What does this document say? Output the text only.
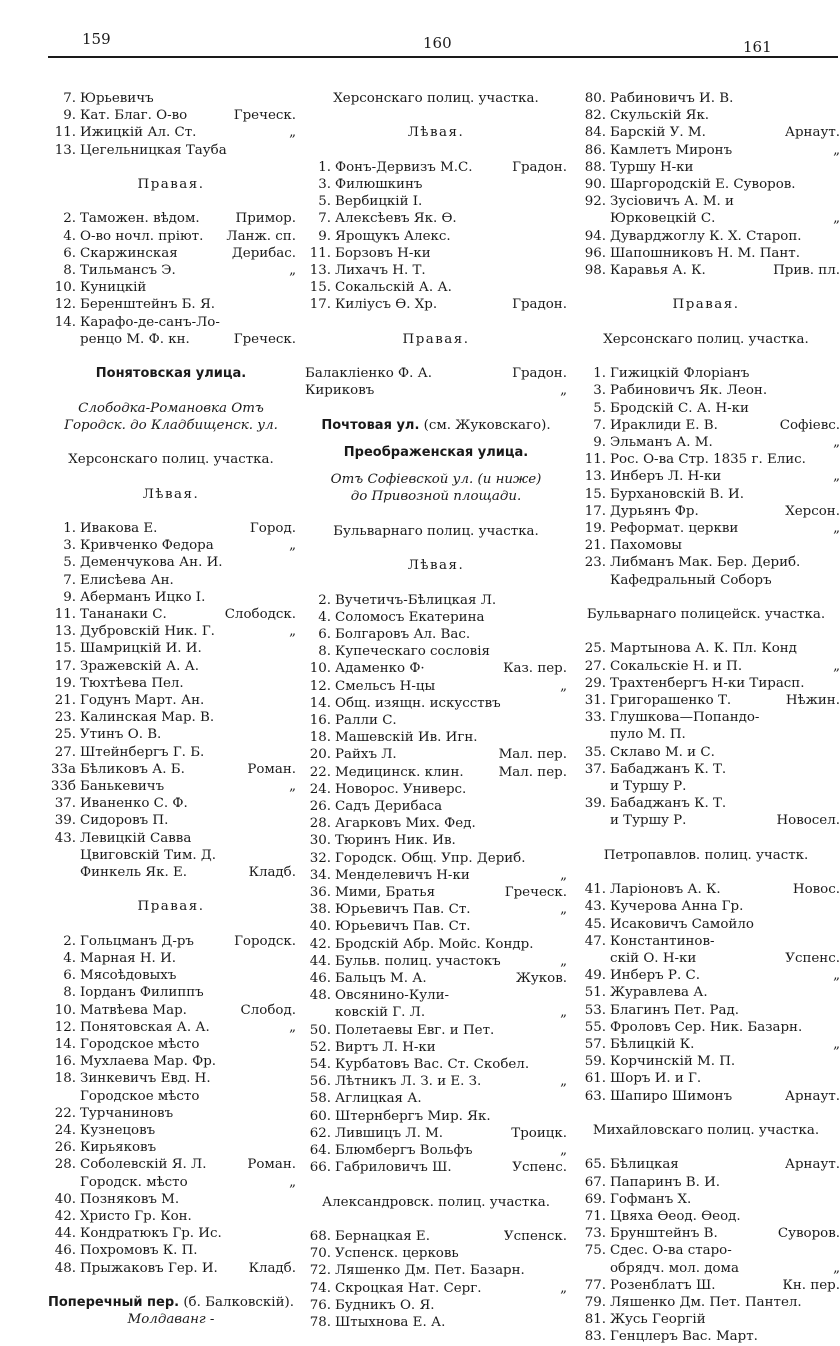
159	160	161
7. Юрьевичъ
9. Кат. Благ. О-во	Греческ.
11. Ижицкій Ал. Ст.	„
13. Цегельницкая Тауба
Правая.
2. Таможен. вѣдом.	Примор.
4. О-во ночл. пріют. Ланж. сп.
6. Скаржинская	Дерибас.
8. Тильмансъ Э.	„
10. Куницкій
12. Беренштейнъ Б. Я.
14. Карафо-де-санъ-Ло-
ренцо М. Ф. кн.	Греческ.
Понятовская улица.
Слободка-Романовка Отъ
Городск. до Кладбищенск. ул.
Херсонскаго полиц. участка.
Лѣвая.
1. Ивакова Е.	Город.
3. Кривченко Федора	„
5. Деменчукова Ан. И.
7. Елисѣева Ан.
9. Аберманъ Ицко І.
11. Тананаки С.	Слободск.
13. Дубровскій Ник. Г.	„
15. Шамрицкій И. И.
17. Зражевскій А. А.
19. Тюхтѣева Пел.
21. Годунъ Март. Ан.
23. Калинская Мар. В.
25. Утинъ О. В.
27. Штейнбергъ Г. Б.
33а Бѣликовъ А. Б.	Роман.
33б Банькевичъ	„
37. Иваненко С. Ф.
39. Сидоровъ П.
43. Левицкій Савва
Цвиговскій Тим. Д.
Финкель Як. Е.	Кладб.
Правая.
2. Гольцманъ Д-ръ	Городск.
4. Марная Н. И.
6. Мясоѣдовыхъ
8. Іорданъ Филиппъ
10. Матвѣева Мар.	Слобод.
12. Понятовская А. А.	„
14. Городское мѣсто
16. Мухлаева Мар. Фр.
18. Зинкевичъ Евд. Н.
Городское мѣсто
22. Турчаниновъ
24. Кузнецовъ
26. Кирьяковъ
28. Соболевскій Я. Л.	Роман.
Городск. мѣсто	„
40. Позняковъ М.
42. Христо Гр. Кон.
44. Кондратюкъ Гр. Ис.
46. Похромовъ К. П.
48. Прыжаковъ Гер. И. Кладб.
Поперечный пер. (б. Балковскій).
Молдаванг -
Херсонскаго полиц. участка.
Лѣвая.
1. Фонъ-Дервизъ М.С.	Градон.
3. Филюшкинъ
5. Вербицкій І.
7. Алексѣевъ Як. Ѳ.
9. Ярощукъ Алекс.
11. Борзовъ Н-ки
13. Лихачъ Н. Т.
15. Сокальскій А. А.
17. Килiусъ Ѳ. Хр.	Градон.
Правая.
Балакліенко Ф. А.	Градон.
Кириковъ	„
Почтовая ул. (см. Жуковскаго).
Преображенская улица.
Отъ Софіевской ул. (и ниже)
до Привозной площади.
Бульварнаго полиц. участка.
Лѣвая.
2. Вучетичъ-Бѣлицкая Л.
4. Соломосъ Екатерина
6. Болгаровъ Ал. Вас.
8. Купеческаго сословія
10. Адаменко Ф·	Каз. пер.
12. Смельсъ Н-цы	„
14. Общ. изящн. искусствъ
16. Ралли С.
18. Машевскій Ив. Игн.
20. Райхъ Л.	Мал. пер.
22. Медицинск. клин.	Мал. пер.
24. Новорос. Универс.
26. Садъ Дерибаса
28. Агарковъ Мих. Фед.
30. Тюринъ Ник. Ив.
32. Городск. Общ. Упр. Дериб.
34. Менделевичъ Н-ки	„
36. Мими, Братья	Греческ.
38. Юрьевичъ Пав. Ст.	„
40. Юрьевичъ Пав. Ст.
42. Бродскій Абр. Мойс. Кондр.
44. Бульв. полиц. участокъ	„
46. Бальцъ М. А.	Жуков.
48. Овсянино-Кули-
ковскій Г. Л.	„
50. Полетаевы Евг. и Пет.
52. Виртъ Л. Н-ки
54. Курбатовъ Вас. Ст. Скобел.
56. Лѣтникъ Л. З. и Е. З.	„
58. Аглицкая А.
60. Штернбергъ Мир. Як.
62. Лившицъ Л. М.	Троицк.
64. Блюмбергъ Вольфъ	„
66. Габриловичъ Ш.	Успенс.
Александровск. полиц. участка.
68. Бернацкая Е.	Успенск.
70. Успенск. церковь
72. Ляшенко Дм. Пет. Базарн.
74. Скроцкая Нат. Серг.	„
76. Будникъ О. Я.
78. Штыхнова Е. А.
80. Рабиновичъ И. В.
82. Скульскій Як.
84. Барскій У. М.	Арнаут.
86. Камлетъ Миронъ	„
88. Туршу Н-ки
90. Шаргородскій Е. Суворов.
92. Зусіовичъ А. М. и
Юрковецкій С.	„
94. Дуварджоглу К. Х. Староп.
96. Шапошниковъ Н. М. Пант.
98. Каравья А. К.	Прив. пл.
Правая.
Херсонскаго полиц. участка.
1. Гижицкій Флоріанъ
3. Рабиновичъ Як. Леон.
5. Бродскій С. А. Н-ки
7. Ираклиди Е. В.	Софіевс.
9. Эльманъ А. М.	„
11. Рос. О-ва Стр. 1835 г. Елис.
13. Инберъ Л. Н-ки	„
15. Бурхановскій В. И.
17. Дурьянъ Фр.	Херсон.
19. Реформат. церкви	„
21. Пахомовы
23. Либманъ Мак. Бер. Дериб.
Кафедральный Соборъ
Бульварнаго полицейск. участка.
25. Мартынова А. К. Пл. Конд
27. Сокальскіе Н. и П.	„
29. Трахтенбергъ Н-ки Тирасп.
31. Григорашенко Т.	Нѣжин.
33. Глушкова—Попандо-
пуло М. П.
35. Склаво М. и С.
37. Бабаджанъ К. Т.
и Туршу Р.
39. Бабаджанъ К. Т.
и Туршу Р.	Новосел.
Петропавлов. полиц. участк.
41. Ларіоновъ А. К.	Новос.
43. Кучерова Анна Гр.
45. Исаковичъ Самойло
47. Константинов-
скій О. Н-ки	Успенс.
49. Инберъ Р. С.	„
51. Журавлева А.
53. Благинъ Пет. Рад.
55. Фроловъ Сер. Ник. Базарн.
57. Бѣлицкій К.	„
59. Корчинскій М. П.
61. Шоръ И. и Г.
63. Шапиро Шимонъ	Арнаут.
Михайловскаго полиц. участка.
65. Бѣлицкая	Арнаут.
67. Папаринъ В. И.
69. Гофманъ Х.
71. Цвяха Ѳеод. Ѳеод.
73. Брунштейнъ В.	Суворов.
75. Сдес. О-ва старо-
обрядч. мол. дома	„
77. Розенблатъ Ш.	Кн. пер.
79. Ляшенко Дм. Пет. Пантел.
81. Жусь Георгій
83. Генцлеръ Вас. Март.
